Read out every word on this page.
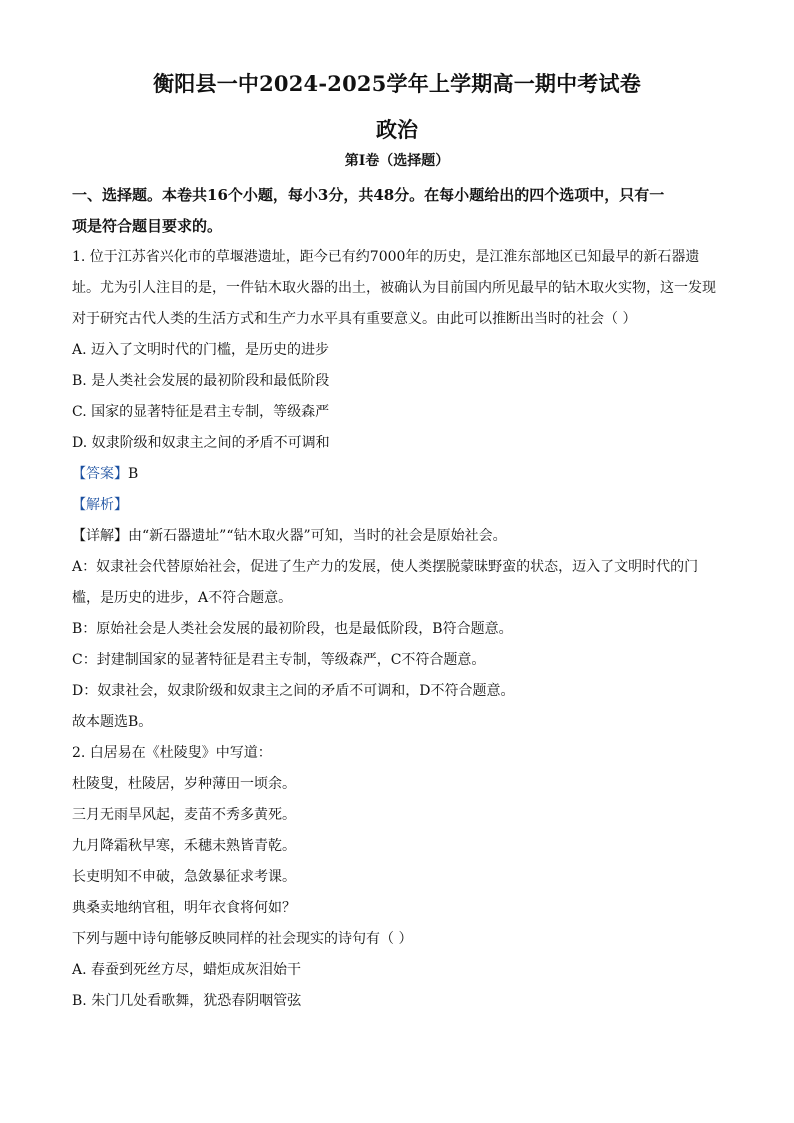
衡阳县一中2024-2025学年上学期高一期中考试卷
政治
第Ⅰ卷（选择题）

一、选择题。本卷共16个小题，每小3分，共48分。在每小题给出的四个选项中，只有一

项是符合题目要求的。

1. 位于江苏省兴化市的草堰港遗址，距今已有约7000年的历史，是江淮东部地区已知最早的新石器遗

址。尤为引人注目的是，一件钻木取火器的出土，被确认为目前国内所见最早的钻木取火实物，这一发现

对于研究古代人类的生活方式和生产力水平具有重要意义。由此可以推断出当时的社会（ ）

A. 迈入了文明时代的门槛，是历史的进步

B. 是人类社会发展的最初阶段和最低阶段

C. 国家的显著特征是君主专制，等级森严

D. 奴隶阶级和奴隶主之间的矛盾不可调和

【答案】B

【解析】

【详解】由“新石器遗址”“钻木取火器”可知，当时的社会是原始社会。

A：奴隶社会代替原始社会，促进了生产力的发展，使人类摆脱蒙昧野蛮的状态，迈入了文明时代的门

槛，是历史的进步，A不符合题意。

B：原始社会是人类社会发展的最初阶段，也是最低阶段，B符合题意。

C：封建制国家的显著特征是君主专制，等级森严，C不符合题意。

D：奴隶社会，奴隶阶级和奴隶主之间的矛盾不可调和，D不符合题意。

故本题选B。

2. 白居易在《杜陵叟》中写道：

杜陵叟，杜陵居，岁种薄田一顷余。

三月无雨旱风起，麦苗不秀多黄死。

九月降霜秋早寒，禾穗未熟皆青乾。

长吏明知不申破，急敛暴征求考课。

典桑卖地纳官租，明年衣食将何如？

下列与题中诗句能够反映同样的社会现实的诗句有（ ）

A. 春蚕到死丝方尽，蜡炬成灰泪始干

B. 朱门几处看歌舞，犹恐春阴咽管弦
